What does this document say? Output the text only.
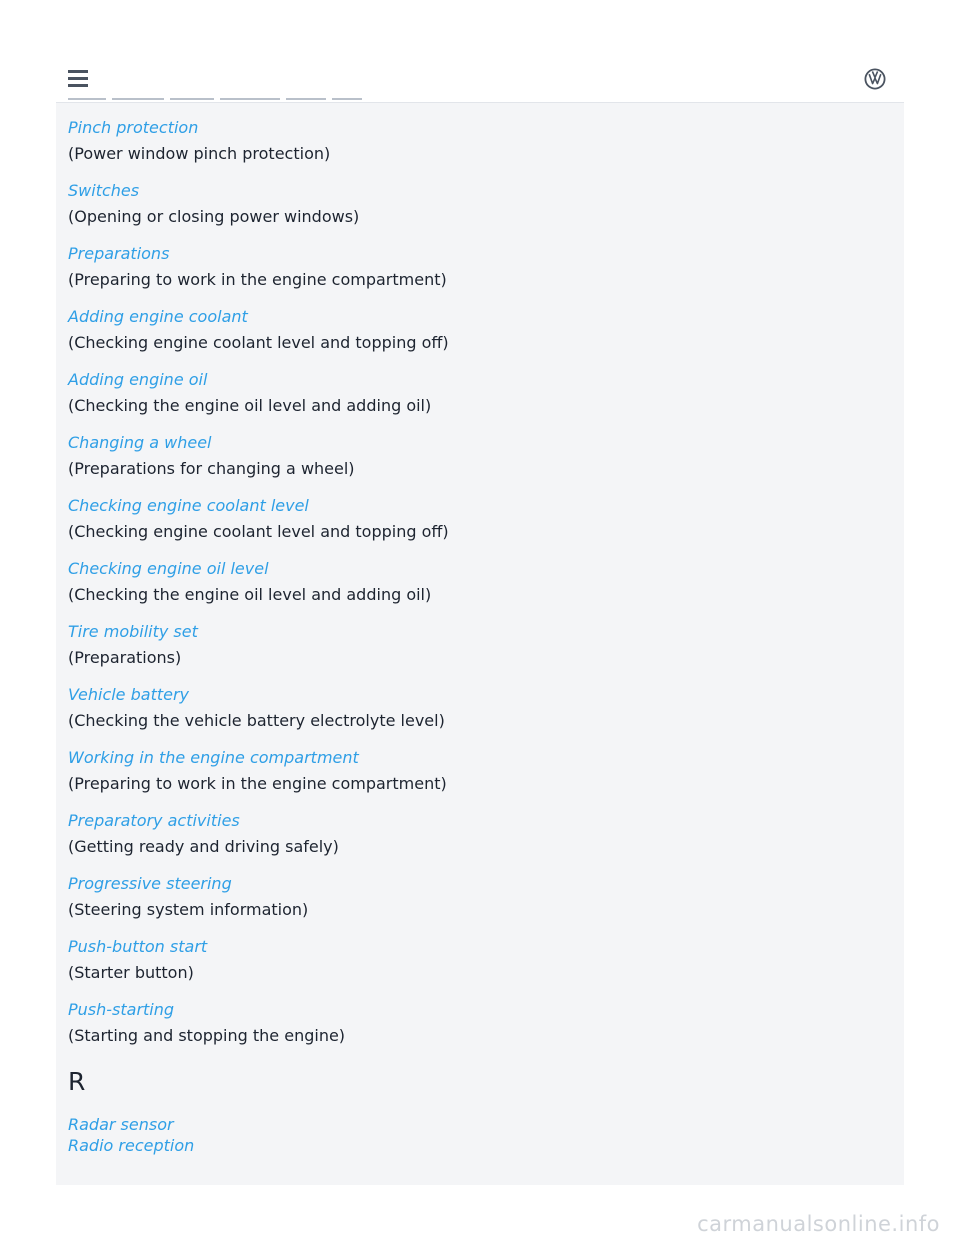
Pinch protection
(Power window pinch protection)
Switches
(Opening or closing power windows)
Preparations
(Preparing to work in the engine compartment)
Adding engine coolant
(Checking engine coolant level and topping off)
Adding engine oil
(Checking the engine oil level and adding oil)
Changing a wheel
(Preparations for changing a wheel)
Checking engine coolant level
(Checking engine coolant level and topping off)
Checking engine oil level
(Checking the engine oil level and adding oil)
Tire mobility set
(Preparations)
Vehicle battery
(Checking the vehicle battery electrolyte level)
Working in the engine compartment
(Preparing to work in the engine compartment)
Preparatory activities
(Getting ready and driving safely)
Progressive steering
(Steering system information)
Push-button start
(Starter button)
Push-starting
(Starting and stopping the engine)
R
Radar sensor
Radio reception
carmanualsonline.info
